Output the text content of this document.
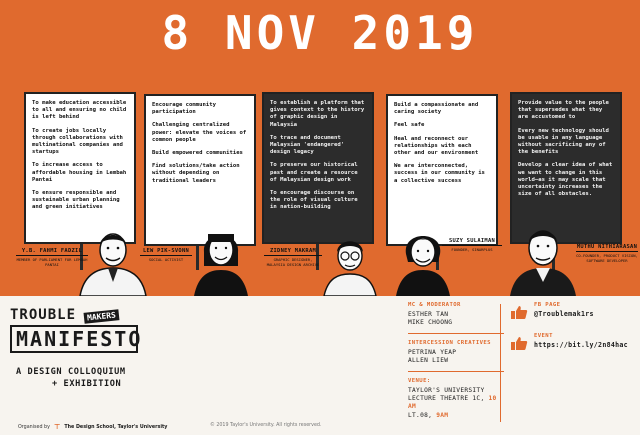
8 NOV 2019

To make education accessible to all and ensuring no child is left behind

To create jobs locally through collaborations with multinational companies and startups

To increase access to affordable housing in Lembah Pantai

To ensure responsible and sustainable urban planning and green initiatives

Encourage community participation

Challenging centralized power: elevate the voices of common people

Build empowered communities

Find solutions/take action without depending on traditional leaders

To establish a platform that gives context to the history of graphic design in Malaysia

To trace and document Malaysian 'endangered' design legacy

To preserve our historical past and create a resource of Malaysian design work

To encourage discourse on the role of visual culture in nation-building

Build a compassionate and caring society

Feel safe

Heal and reconnect our relationships with each other and our environment

We are interconnected, success in our community is a collective success

Provide value to the people that supersedes what they are accustomed to

Every new technology should be usable in any language without sacrificing any of the benefits

Develop a clear idea of what we want to change in this world—as it may scale that uncertainty increases the size of all obstacles.

Y.B. FAHMI FADZIL
MEMBER OF PARLIAMENT FOR LEMBAH PANTAI
LEW PIK-SVONN
SOCIAL ACTIVIST
ZIDNEY MAKRAM
GRAPHIC DESIGNER, MALAYSIA DESIGN ARCHIVE
SUZY SULAIMAN
FOUNDER, SINARPLUS	MUTHU NITHIARASAN
CO-FOUNDER, PRODUCT VISION, SOFTWARE DEVELOPER
TROUBLE MAKERS
MANIFESTO
A DESIGN COLLOQUIUM
+ EXHIBITION
MC & MODERATOR
ESTHER TAN
MIKE CHOONG
INTERCESSION CREATIVES
PETRINA YEAP
ALLEN LIEW
VENUE:
TAYLOR'S UNIVERSITY
LECTURE THEATRE 1C, 10 AM
LT.08, 9AM
FB PAGE
@Troublemak1rs
EVENT
https://bit.ly/2n84hac
Organised by ⊤ The Design School, Taylor's University	© 2019 Taylor's University. All rights reserved.
